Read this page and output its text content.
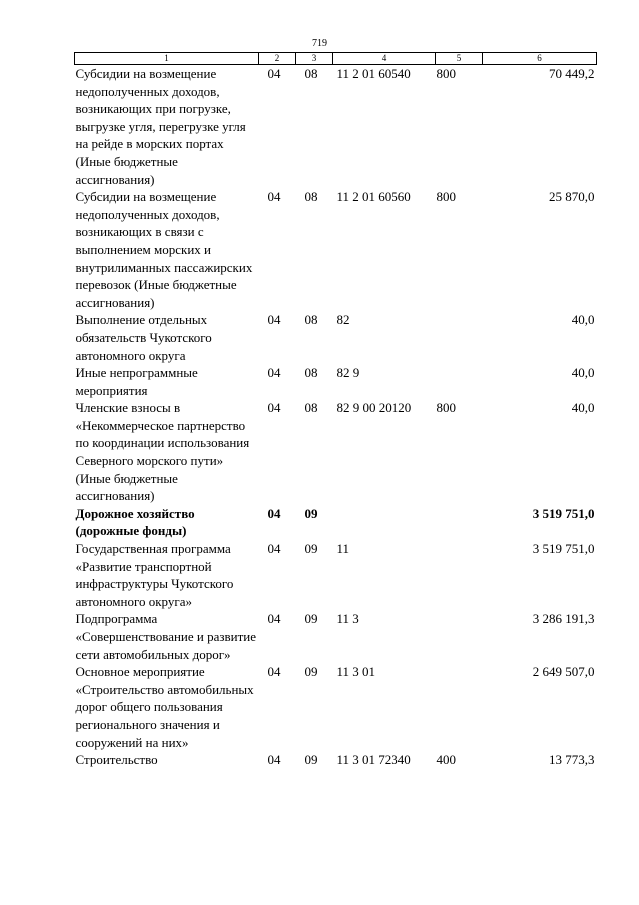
719
1	2	3	4	5	6
Субсидии на возмещение недополученных доходов, возникающих при погрузке, выгрузке угля, перегрузке угля на рейде в морских портах (Иные бюджетные ассигнования)	04	08	11 2 01 60540	800	70 449,2
Субсидии на возмещение недополученных доходов, возникающих в связи с выполнением морских и внутрилиманных пассажирских перевозок (Иные бюджетные ассигнования)	04	08	11 2 01 60560	800	25 870,0
Выполнение отдельных обязательств Чукотского автономного округа	04	08	82		40,0
Иные непрограммные мероприятия	04	08	82 9		40,0
Членские взносы в «Некоммерческое партнерство по координации использования Северного морского пути» (Иные бюджетные ассигнования)	04	08	82 9 00 20120	800	40,0
Дорожное хозяйство (дорожные фонды)	04	09			3 519 751,0
Государственная программа «Развитие транспортной инфраструктуры Чукотского автономного округа»	04	09	11		3 519 751,0
Подпрограмма «Совершенствование и развитие сети автомобильных дорог»	04	09	11 3		3 286 191,3
Основное мероприятие «Строительство автомобильных дорог общего пользования регионального значения и сооружений на них»	04	09	11 3 01		2 649 507,0
Строительство	04	09	11 3 01 72340	400	13 773,3
